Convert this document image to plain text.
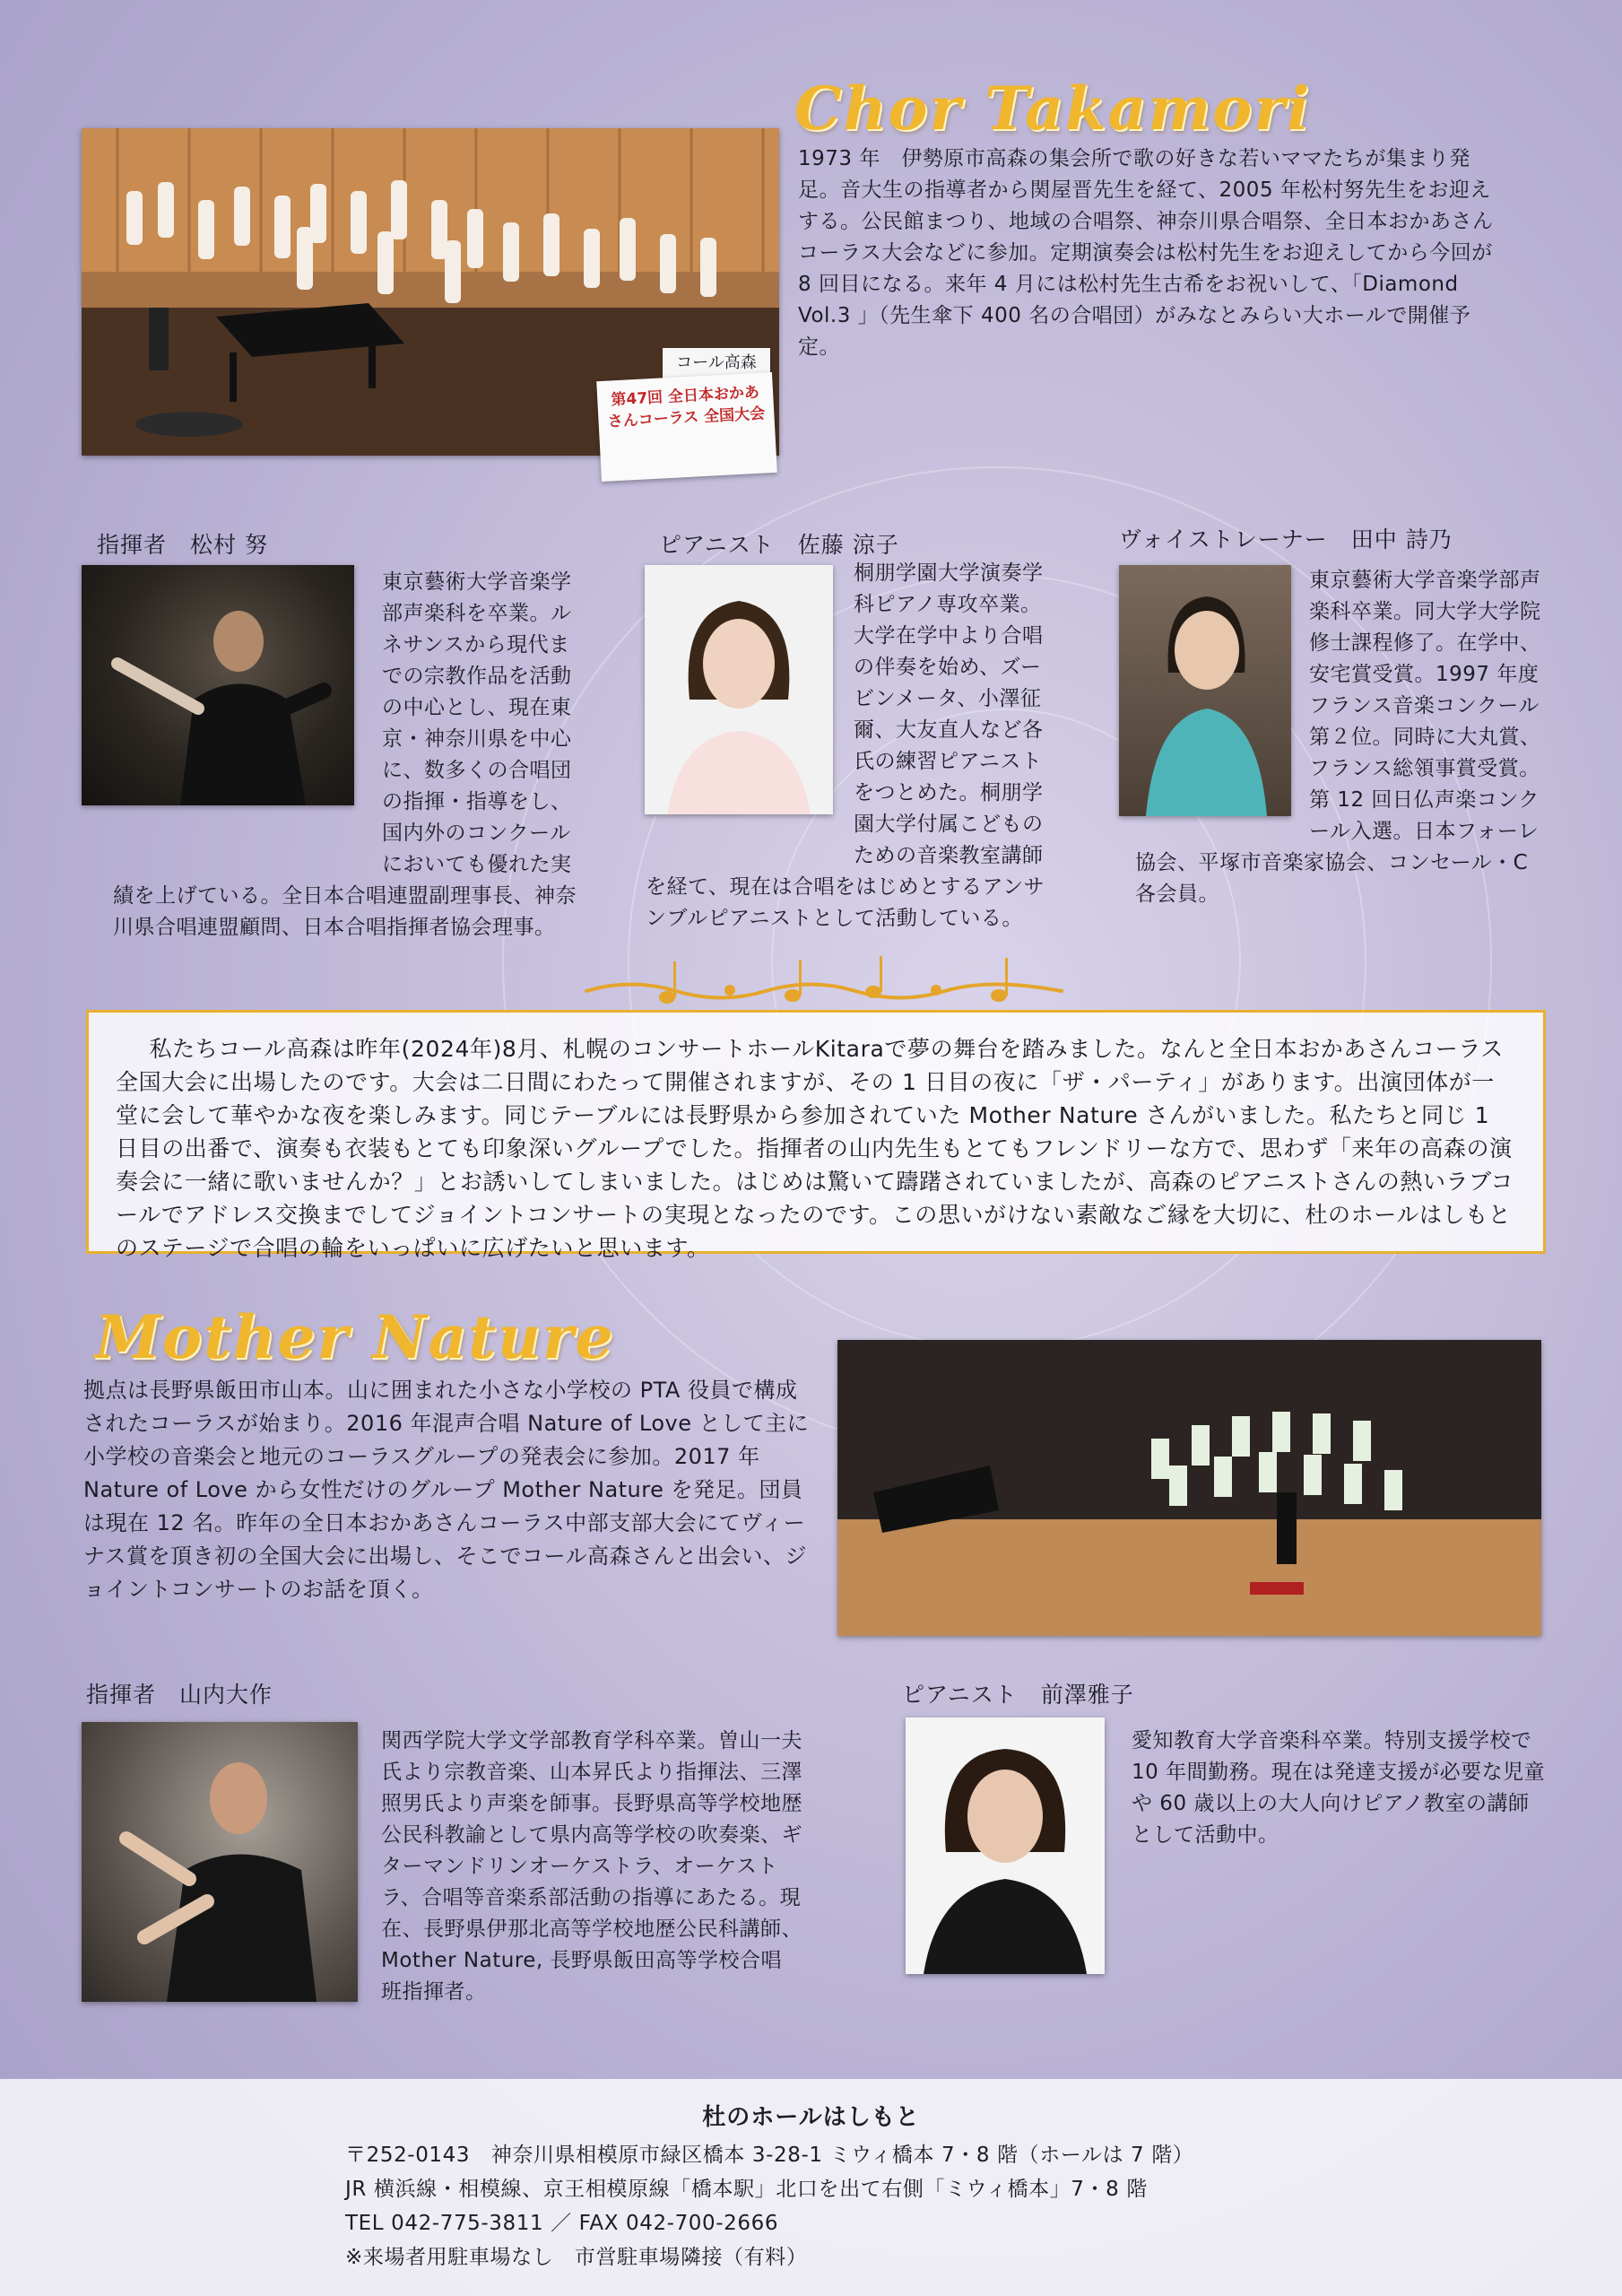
Chor Takamori
コール高森
第47回 全日本おかあさんコーラス 全国大会
1973 年　伊勢原市高森の集会所で歌の好きな若いママたちが集まり発足。音大生の指導者から関屋晋先生を経て、2005 年松村努先生をお迎えする。公民館まつり、地域の合唱祭、神奈川県合唱祭、全日本おかあさんコーラス大会などに参加。定期演奏会は松村先生をお迎えしてから今回が 8 回目になる。来年 4 月には松村先生古希をお祝いして、「Diamond　Vol.3 」（先生傘下 400 名の合唱団）がみなとみらい大ホールで開催予定。
指揮者　松村 努
東京藝術大学音楽学部声楽科を卒業。ルネサンスから現代までの宗教作品を活動の中心とし、現在東京・神奈川県を中心に、数多くの合唱団の指揮・指導をし、国内外のコンクールにおいても優れた実績を上げている。全日本合唱連盟副理事長、神奈川県合唱連盟顧問、日本合唱指揮者協会理事。
ピアニスト　佐藤 涼子
桐朋学園大学演奏学科ピアノ専攻卒業。大学在学中より合唱の伴奏を始め、ズービンメータ、小澤征爾、大友直人など各氏の練習ピアニストをつとめた。桐朋学園大学付属こどものための音楽教室講師を経て、現在は合唱をはじめとするアンサンブルピアニストとして活動している。
ヴォイストレーナー　田中 詩乃
東京藝術大学音楽学部声楽科卒業。同大学大学院修士課程修了。在学中、安宅賞受賞。1997 年度フランス音楽コンクール第２位。同時に大丸賞、フランス総領事賞受賞。第 12 回日仏声楽コンクール入選。日本フォーレ協会、平塚市音楽家協会、コンセール・C 各会員。
私たちコール高森は昨年(2024年)8月、札幌のコンサートホールKitaraで夢の舞台を踏みました。なんと全日本おかあさんコーラス全国大会に出場したのです。大会は二日間にわたって開催されますが、その 1 日目の夜に「ザ・パーティ」があります。出演団体が一堂に会して華やかな夜を楽しみます。同じテーブルには長野県から参加されていた Mother Nature さんがいました。私たちと同じ 1 日目の出番で、演奏も衣装もとても印象深いグループでした。指揮者の山内先生もとてもフレンドリーな方で、思わず「来年の高森の演奏会に一緒に歌いませんか？」とお誘いしてしまいました。はじめは驚いて躊躇されていましたが、高森のピアニストさんの熱いラブコールでアドレス交換までしてジョイントコンサートの実現となったのです。この思いがけない素敵なご縁を大切に、杜のホールはしもとのステージで合唱の輪をいっぱいに広げたいと思います。
Mother Nature
拠点は長野県飯田市山本。山に囲まれた小さな小学校の PTA 役員で構成されたコーラスが始まり。2016 年混声合唱 Nature of Love として主に小学校の音楽会と地元のコーラスグループの発表会に参加。2017 年 Nature of Love から女性だけのグループ Mother Nature を発足。団員は現在 12 名。昨年の全日本おかあさんコーラス中部支部大会にてヴィーナス賞を頂き初の全国大会に出場し、そこでコール高森さんと出会い、ジョイントコンサートのお話を頂く。
指揮者　山内大作
関西学院大学文学部教育学科卒業。曽山一夫氏より宗教音楽、山本昇氏より指揮法、三澤照男氏より声楽を師事。長野県高等学校地歴公民科教諭として県内高等学校の吹奏楽、ギターマンドリンオーケストラ、オーケストラ、合唱等音楽系部活動の指導にあたる。現在、長野県伊那北高等学校地歴公民科講師、Mother Nature, 長野県飯田高等学校合唱班指揮者。
ピアニスト　前澤雅子
愛知教育大学音楽科卒業。特別支援学校で 10 年間勤務。現在は発達支援が必要な児童や 60 歳以上の大人向けピアノ教室の講師として活動中。
杜のホールはしもと
〒252-0143　神奈川県相模原市緑区橋本 3-28-1 ミウィ橋本 7・8 階（ホールは 7 階）
JR 横浜線・相模線、京王相模原線「橋本駅」北口を出て右側「ミウィ橋本」7・8 階
TEL 042-775-3811 ／ FAX 042-700-2666
※来場者用駐車場なし　市営駐車場隣接（有料）
